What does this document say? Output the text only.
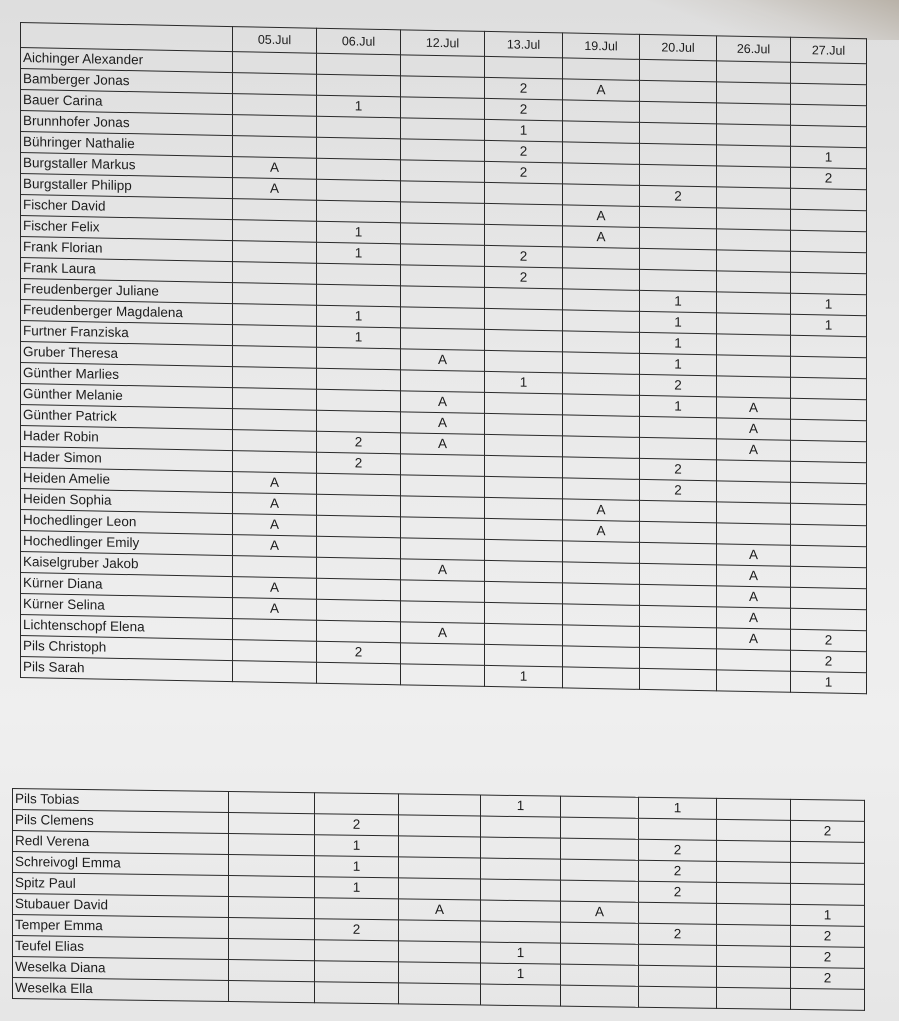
	05.Jul	06.Jul	12.Jul	13.Jul	19.Jul	20.Jul	26.Jul	27.Jul
Aichinger Alexander								
Bamberger Jonas				2	A			
Bauer Carina		1		2				
Brunnhofer Jonas				1				
Bühringer Nathalie				2				1
Burgstaller Markus	A			2				2
Burgstaller Philipp	A					2		
Fischer David					A			
Fischer Felix		1			A			
Frank Florian		1		2				
Frank Laura				2				
Freudenberger Juliane						1		1
Freudenberger Magdalena		1				1		1
Furtner Franziska		1				1		
Gruber Theresa			A			1		
Günther Marlies				1		2		
Günther Melanie			A			1	A	
Günther Patrick			A				A	
Hader Robin		2	A				A	
Hader Simon		2				2		
Heiden Amelie	A					2		
Heiden Sophia	A				A			
Hochedlinger Leon	A				A			
Hochedlinger Emily	A						A	
Kaiselgruber Jakob			A				A	
Kürner Diana	A						A	
Kürner Selina	A						A	
Lichtenschopf Elena			A				A	2
Pils Christoph		2						2
Pils Sarah				1				1
Pils Tobias				1		1		
Pils Clemens		2						2
Redl Verena		1				2		
Schreivogl Emma		1				2		
Spitz Paul		1				2		
Stubauer David			A		A			1
Temper Emma		2				2		2
Teufel Elias				1				2
Weselka Diana				1				2
Weselka Ella								
